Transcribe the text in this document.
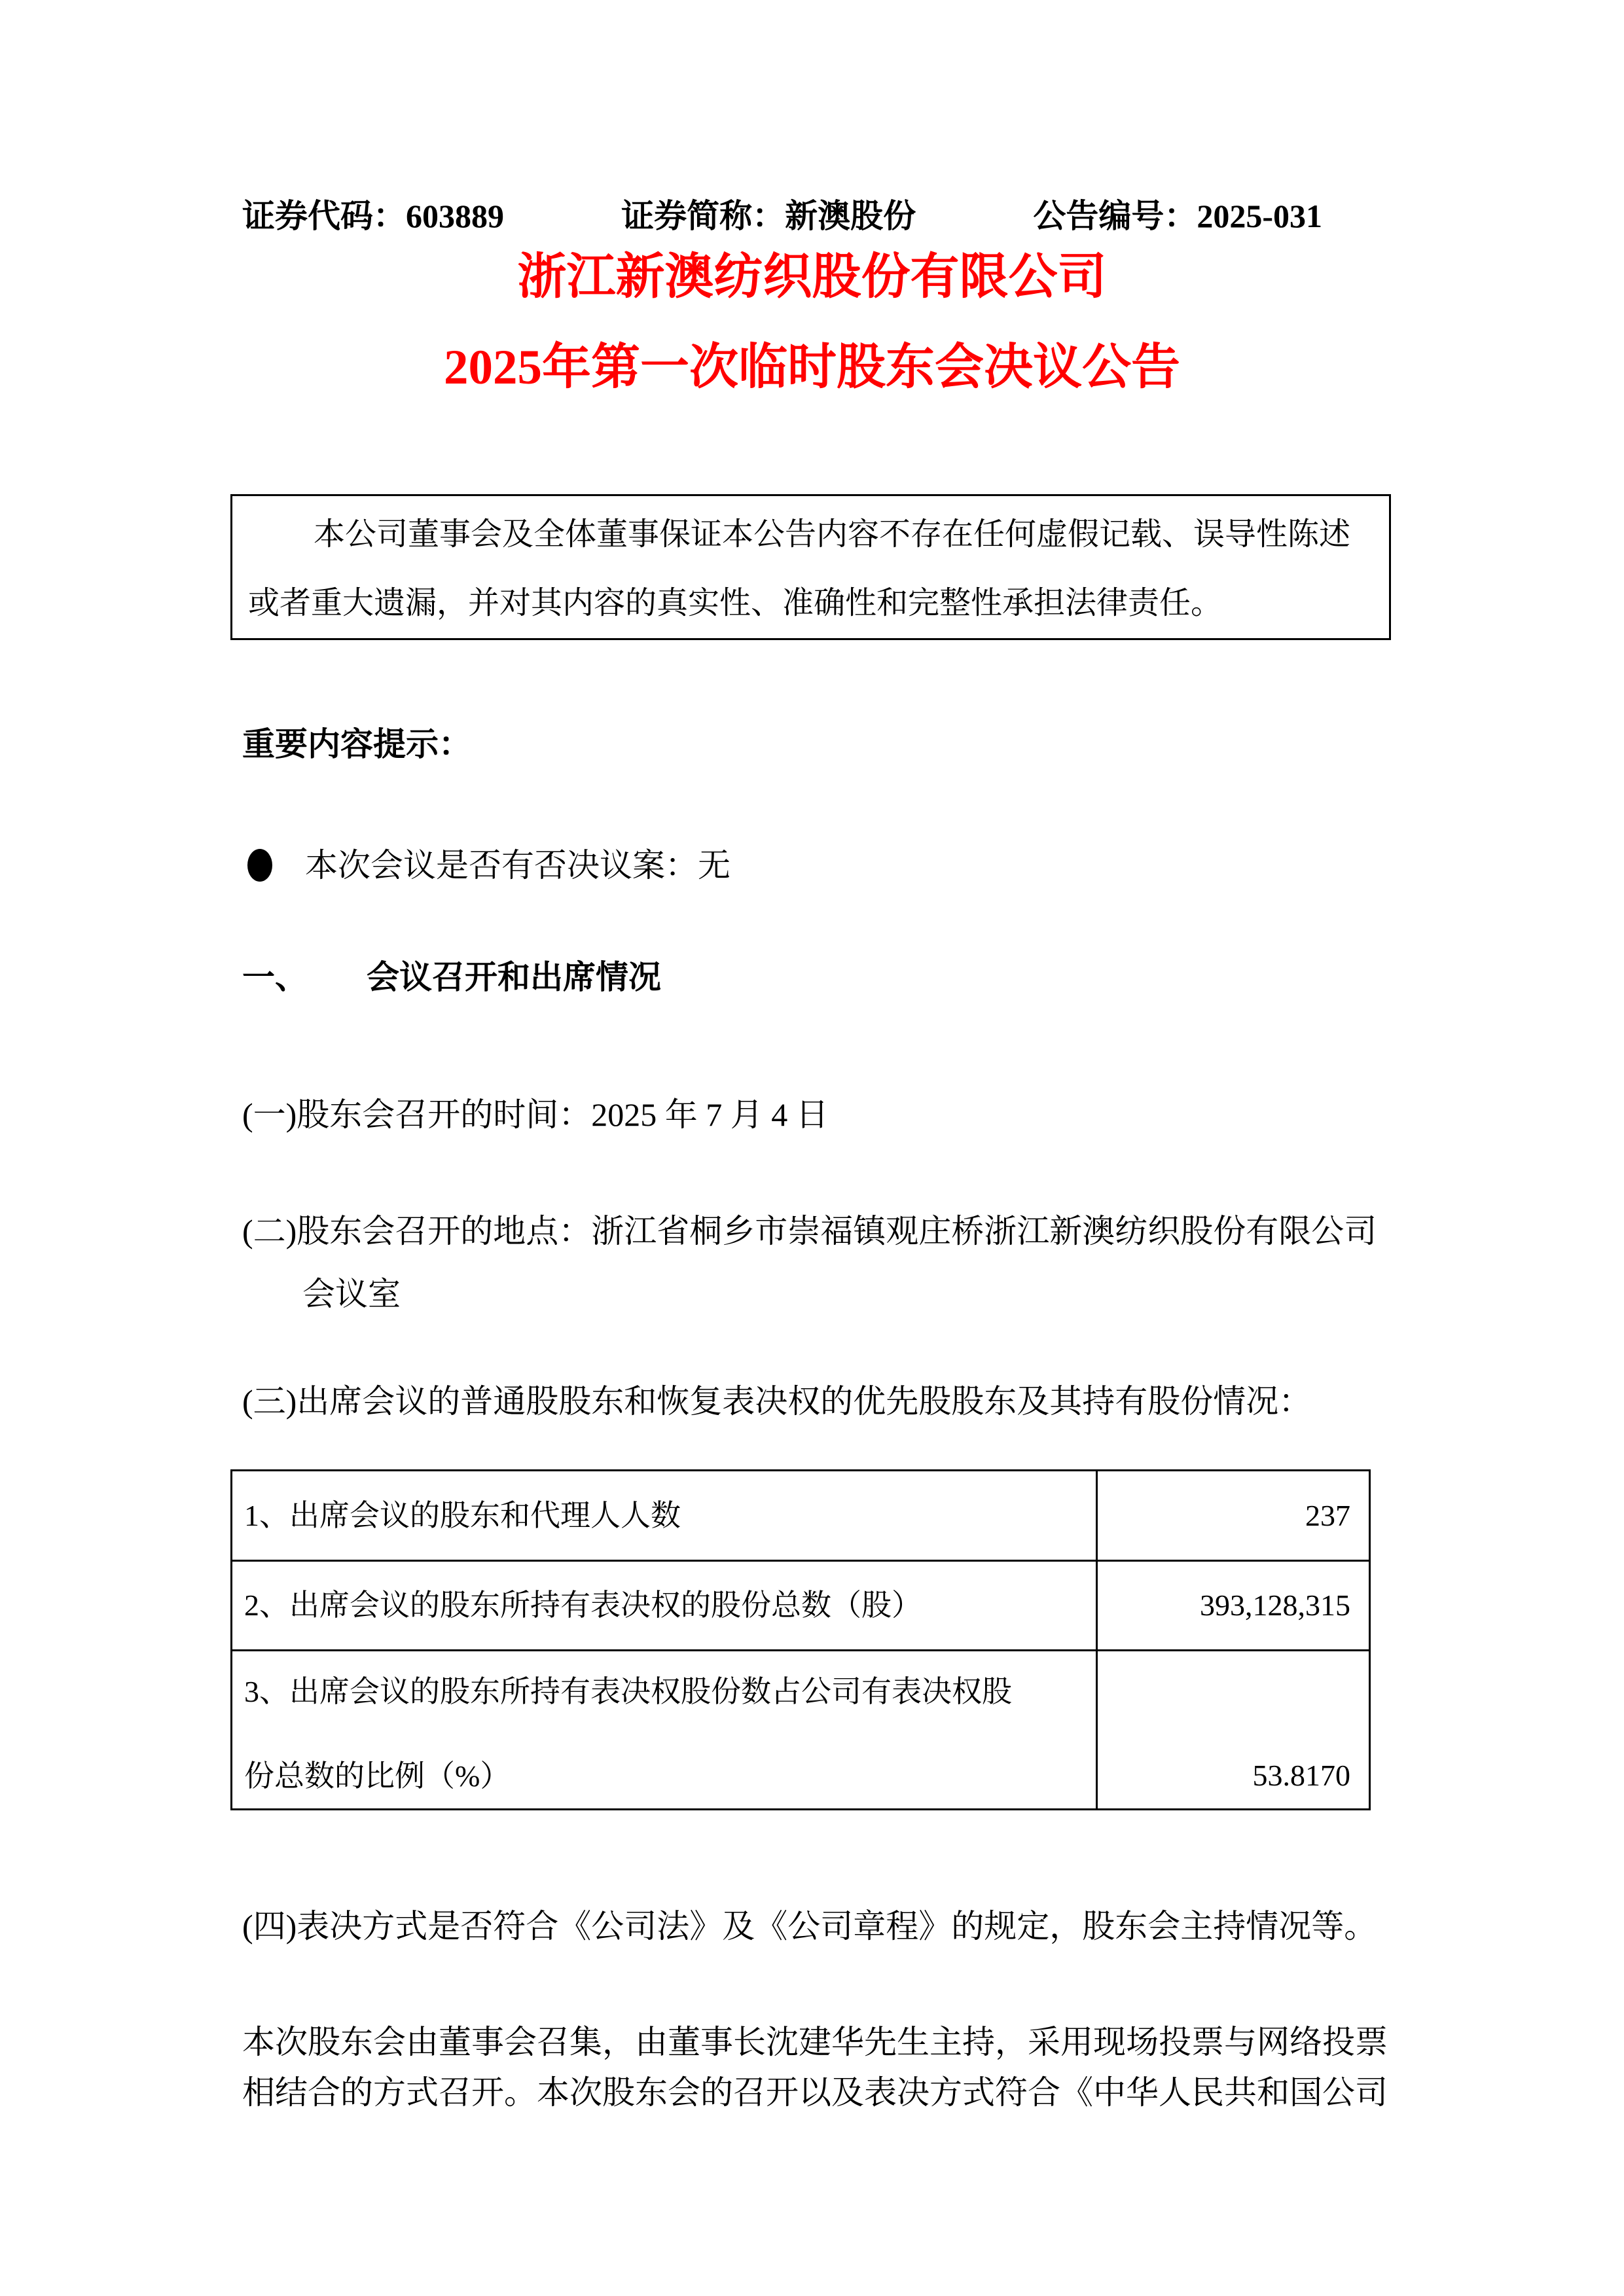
证券代码：603889	证券简称：新澳股份	公告编号：2025-031
浙江新澳纺织股份有限公司
2025年第一次临时股东会决议公告
本公司董事会及全体董事保证本公告内容不存在任何虚假记载、误导性陈述
或者重大遗漏，并对其内容的真实性、准确性和完整性承担法律责任。
重要内容提示：
本次会议是否有否决议案：无
一、	会议召开和出席情况
(一)股东会召开的时间：2025 年 7 月 4 日
(二)股东会召开的地点：浙江省桐乡市崇福镇观庄桥浙江新澳纺织股份有限公司
会议室
(三)出席会议的普通股股东和恢复表决权的优先股股东及其持有股份情况：
1、出席会议的股东和代理人人数	237
2、出席会议的股东所持有表决权的股份总数（股）	393,128,315

3、出席会议的股东所持有表决权股份数占公司有表决权股
份总数的比例（%）	53.8170
(四)表决方式是否符合《公司法》及《公司章程》的规定，股东会主持情况等。
本次股东会由董事会召集，由董事长沈建华先生主持，采用现场投票与网络投票
相结合的方式召开。本次股东会的召开以及表决方式符合《中华人民共和国公司
